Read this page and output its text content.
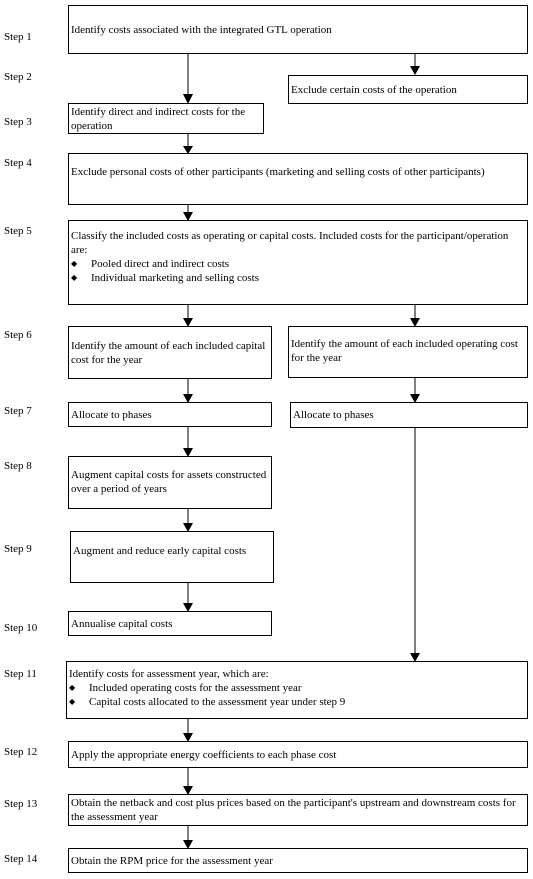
Step 1
Step 2
Step 3
Step 4
Step 5
Step 6
Step 7
Step 8
Step 9
Step 10
Step 11
Step 12
Step 13
Step 14
Identify costs associated with the integrated GTL operation
Exclude certain costs of the operation
Identify direct and indirect costs for the operation
Exclude personal costs of other participants (marketing and selling costs of other participants)
Classify the included costs as operating or capital costs. Included costs for the participant/operation are:
◆ Pooled direct and indirect costs
◆ Individual marketing and selling costs
Identify the amount of each included capital cost for the year
Identify the amount of each included operating cost for the year
Allocate to phases	Allocate to phases
Augment capital costs for assets constructed over a period of years
Augment and reduce early capital costs
Annualise capital costs
Identify costs for assessment year, which are:
◆ Included operating costs for the assessment year
◆ Capital costs allocated to the assessment year under step 9
Apply the appropriate energy coefficients to each phase cost
Obtain the netback and cost plus prices based on the participant's upstream and downstream costs for the assessment year
Obtain the RPM price for the assessment year
